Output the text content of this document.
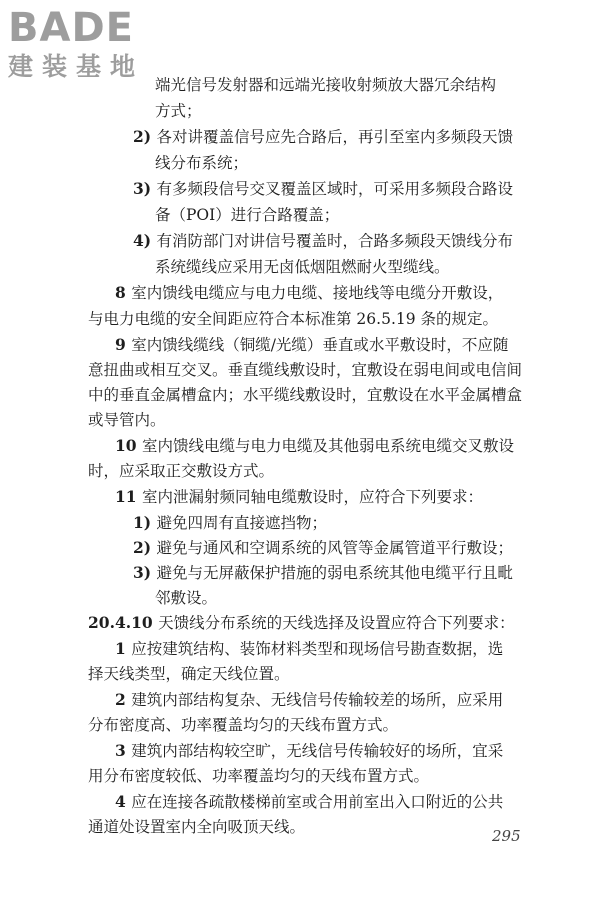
BADE
建装基地
端光信号发射器和远端光接收射频放大器冗余结构
方式；
2) 各对讲覆盖信号应先合路后，再引至室内多频段天馈
线分布系统；
3) 有多频段信号交叉覆盖区域时，可采用多频段合路设
备（POI）进行合路覆盖；
4) 有消防部门对讲信号覆盖时，合路多频段天馈线分布
系统缆线应采用无卤低烟阻燃耐火型缆线。
8 室内馈线电缆应与电力电缆、接地线等电缆分开敷设，
与电力电缆的安全间距应符合本标准第 26.5.19 条的规定。
9 室内馈线缆线（铜缆/光缆）垂直或水平敷设时，不应随
意扭曲或相互交叉。垂直缆线敷设时，宜敷设在弱电间或电信间
中的垂直金属槽盒内；水平缆线敷设时，宜敷设在水平金属槽盒
或导管内。
10 室内馈线电缆与电力电缆及其他弱电系统电缆交叉敷设
时，应采取正交敷设方式。
11 室内泄漏射频同轴电缆敷设时，应符合下列要求：
1) 避免四周有直接遮挡物；
2) 避免与通风和空调系统的风管等金属管道平行敷设；
3) 避免与无屏蔽保护措施的弱电系统其他电缆平行且毗
邻敷设。
20.4.10 天馈线分布系统的天线选择及设置应符合下列要求：
1 应按建筑结构、装饰材料类型和现场信号勘查数据，选
择天线类型，确定天线位置。
2 建筑内部结构复杂、无线信号传输较差的场所，应采用
分布密度高、功率覆盖均匀的天线布置方式。
3 建筑内部结构较空旷，无线信号传输较好的场所，宜采
用分布密度较低、功率覆盖均匀的天线布置方式。
4 应在连接各疏散楼梯前室或合用前室出入口附近的公共
通道处设置室内全向吸顶天线。	295
